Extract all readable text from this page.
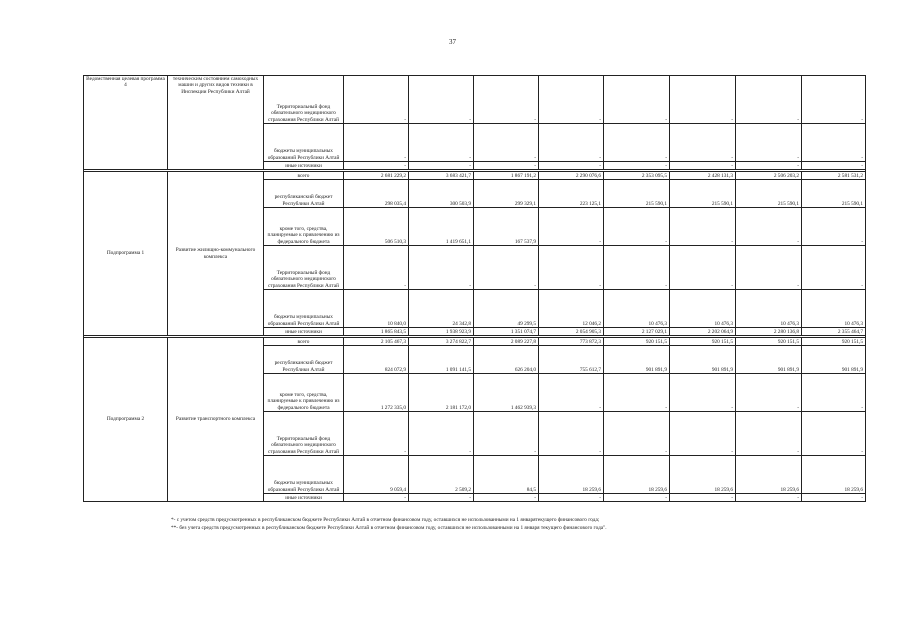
37
Ведомственная целевая программа 4	техническим состоянием самоходных машин и других видов техники в Инспекции Республики Алтай	Территориальный фонд обязательного медицинского страхования Республики Алтай	-	-	-	-	-	-	-	-
		бюджеты муниципальных образований Республики Алтай	-	-	-	-	-	-	-	-
		иные источники	-	-	-	-	-	-	-	-

Подпрограмма 1	Развитие жилищно-коммунального комплекса	всего	2 681 229,2	3 683 421,7	1 867 191,2	2 290 076,6	2 353 095,5	2 428 131,3	2 506 203,2	2 581 531,2
		республиканский бюджет Республики Алтай	298 035,4	300 503,9	299 329,1	223 125,1	215 590,1	215 590,1	215 590,1	215 590,1
		кроме того, средства, планируемые к привлечению из федерального бюджета	506 510,3	1 419 651,1	167 537,9	-	-	-	-	-
		Территориальный фонд обязательного медицинского страхования Республики Алтай	-	-	-	-	-	-	-	-
		бюджеты муниципальных образований Республики Алтай	10 840,0	24 342,8	49 299,5	12 046,2	10 476,3	10 476,3	10 476,3	10 476,3
		иные источники	1 865 843,5	1 938 923,9	1 351 074,7	2 054 905,3	2 127 029,1	2 202 064,9	2 280 136,8	2 355 464,7

Подпрограмма 2	Развитие транспортного комплекса	всего	2 105 467,3	3 274 822,7	2 089 227,8	773 872,3	920 151,5	920 151,5	920 151,5	920 151,5
		республиканский бюджет Республики Алтай	824 072,9	1 091 141,5	626 204,0	755 612,7	901 891,9	901 891,9	901 891,9	901 891,9
		кроме того, средства, планируемые к привлечению из федерального бюджета	1 272 335,0	2 181 172,0	1 462 939,3	-	-	-	-	-
		Территориальный фонд обязательного медицинского страхования Республики Алтай	-	-	-	-	-	-	-	-
		бюджеты муниципальных образований Республики Алтай	9 059,4	2 509,2	84,5	18 259,6	18 259,6	18 259,6	18 259,6	18 259,6
		иные источники	-	-	-	-	-	-	-	-
*- с учетом средств предусмотренных в республиканском бюджете Республики Алтай в отчетном финансовом году, оставшихся не использованными на 1 январятекущего финансового года;
**- без учета средств предусмотренных в республиканском бюджете Республики Алтай в отчетном финансовом году, оставшихся не использованными на 1 января текущего финансового года".
